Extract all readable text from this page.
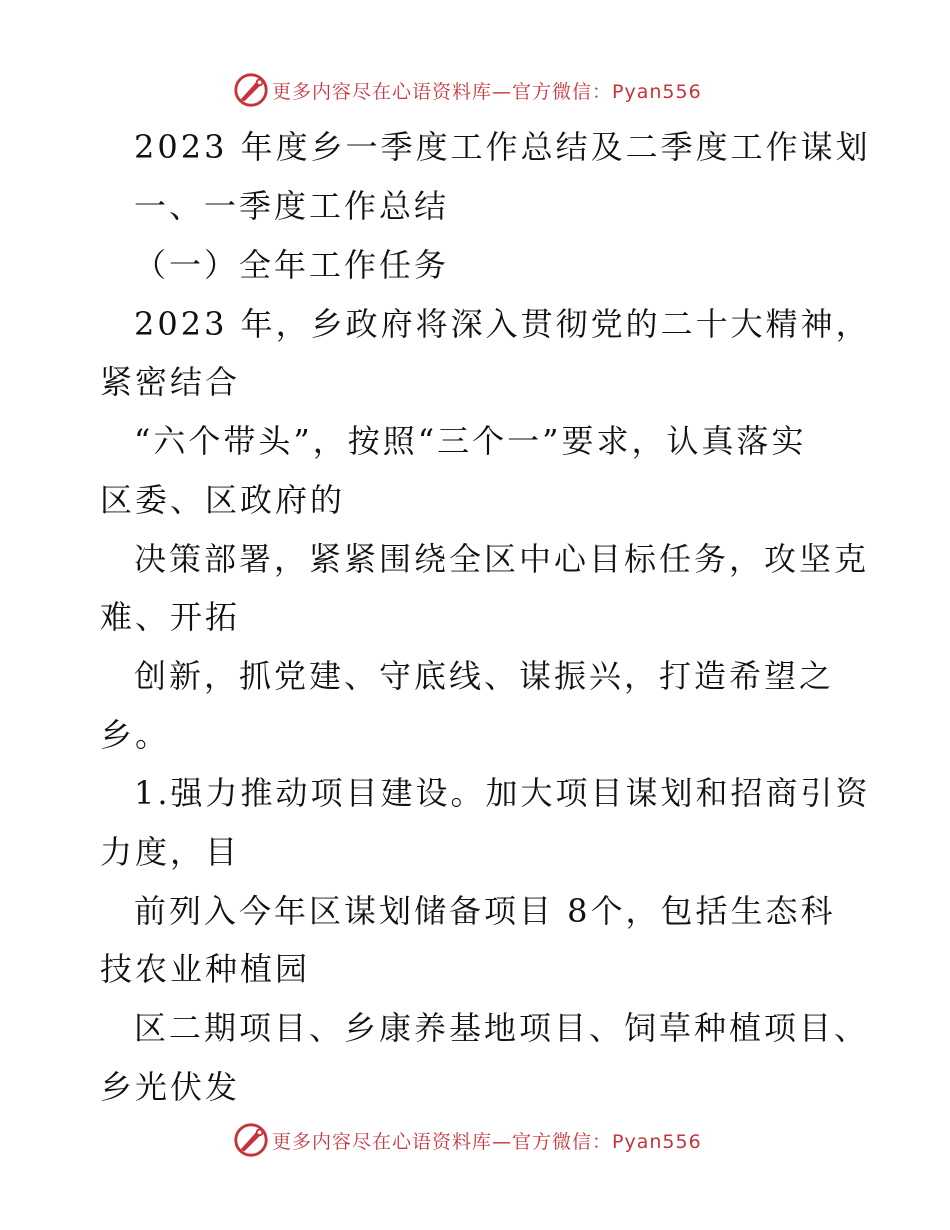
更多内容尽在心语资料库—官方微信：Pyan556
2023 年度乡一季度工作总结及二季度工作谋划
一、一季度工作总结
（一）全年工作任务
2023 年，乡政府将深入贯彻党的二十大精神，
紧密结合
“六个带头”，按照“三个一”要求，认真落实
区委、区政府的
决策部署，紧紧围绕全区中心目标任务，攻坚克
难、开拓
创新，抓党建、守底线、谋振兴，打造希望之
乡。
1.强力推动项目建设。加大项目谋划和招商引资
力度，目
前列入今年区谋划储备项目 8个，包括生态科
技农业种植园
区二期项目、乡康养基地项目、饲草种植项目、
乡光伏发
更多内容尽在心语资料库—官方微信：Pyan556
